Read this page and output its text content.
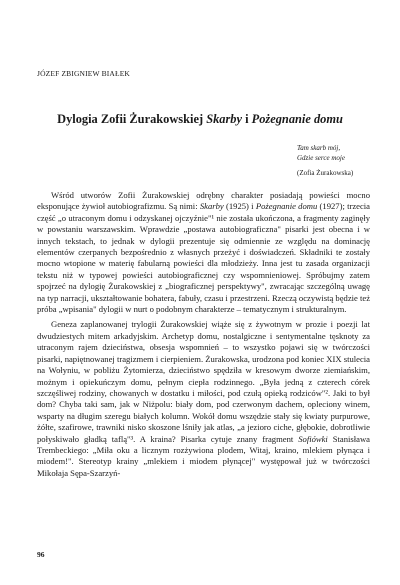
JÓZEF ZBIGNIEW BIAŁEK
Dylogia Zofii Żurakowskiej Skarby i Pożegnanie domu
Tam skarb mój,
Gdzie serce moje
(Zofia Żurakowska)

Wśród utworów Zofii Żurakowskiej odrębny charakter posiadają powieści mocno eksponujące żywioł autobiografizmu. Są nimi: Skarby (1925) i Pożegnanie domu (1927); trzecia część „o utraconym domu i odzyskanej ojczyźnie"¹ nie została ukończona, a fragmenty zaginęły w powstaniu warszawskim. Wprawdzie „postawa autobiograficzna" pisarki jest obecna i w innych tekstach, to jednak w dylogii prezentuje się odmiennie ze względu na dominację elementów czerpanych bezpośrednio z własnych przeżyć i doświadczeń. Składniki te zostały mocno wtopione w materię fabularną powieści dla młodzieży. Inna jest tu zasada organizacji tekstu niż w typowej powieści autobiograficznej czy wspomnieniowej. Spróbujmy zatem spojrzeć na dylogię Żurakowskiej z „biograficznej perspektywy", zwracając szczególną uwagę na typ narracji, ukształtowanie bohatera, fabuły, czasu i przestrzeni. Rzeczą oczywistą będzie też próba „wpisania" dylogii w nurt o podobnym charakterze – tematycznym i strukturalnym.

Geneza zaplanowanej trylogii Żurakowskiej wiąże się z żywotnym w prozie i poezji lat dwudziestych mitem arkadyjskim. Archetyp domu, nostalgiczne i sentymentalne tęsknoty za utraconym rajem dzieciństwa, obsesja wspomnień – to wszystko pojawi się w twórczości pisarki, napiętnowanej tragizmem i cierpieniem. Żurakowska, urodzona pod koniec XIX stulecia na Wołyniu, w pobliżu Żytomierza, dzieciństwo spędziła w kresowym dworze ziemiańskim, możnym i opiekuńczym domu, pełnym ciepła rodzinnego. „Była jedną z czterech córek szczęśliwej rodziny, chowanych w dostatku i miłości, pod czułą opieką rodziców"². Jaki to był dom? Chyba taki sam, jak w Niżpolu: biały dom, pod czerwonym dachem, opleciony winem, wsparty na długim szeregu białych kolumn. Wokół domu wszędzie stały się kwiaty purpurowe, żółte, szafirowe, trawniki nisko skoszone lśniły jak atlas, „a jezioro ciche, głębokie, dobrotliwie połyskiwało gładką taflą"³. A kraina? Pisarka cytuje znany fragment Sofiówki Stanisława Trembeckiego: „Miła oku a licznym rozżywiona plodem, Witaj, kraino, mlekiem płynąca i miodem!". Stereotyp krainy „mlekiem i miodem płynącej" występował już w twórczości Mikołaja Sępa-Szarzyń-

96
